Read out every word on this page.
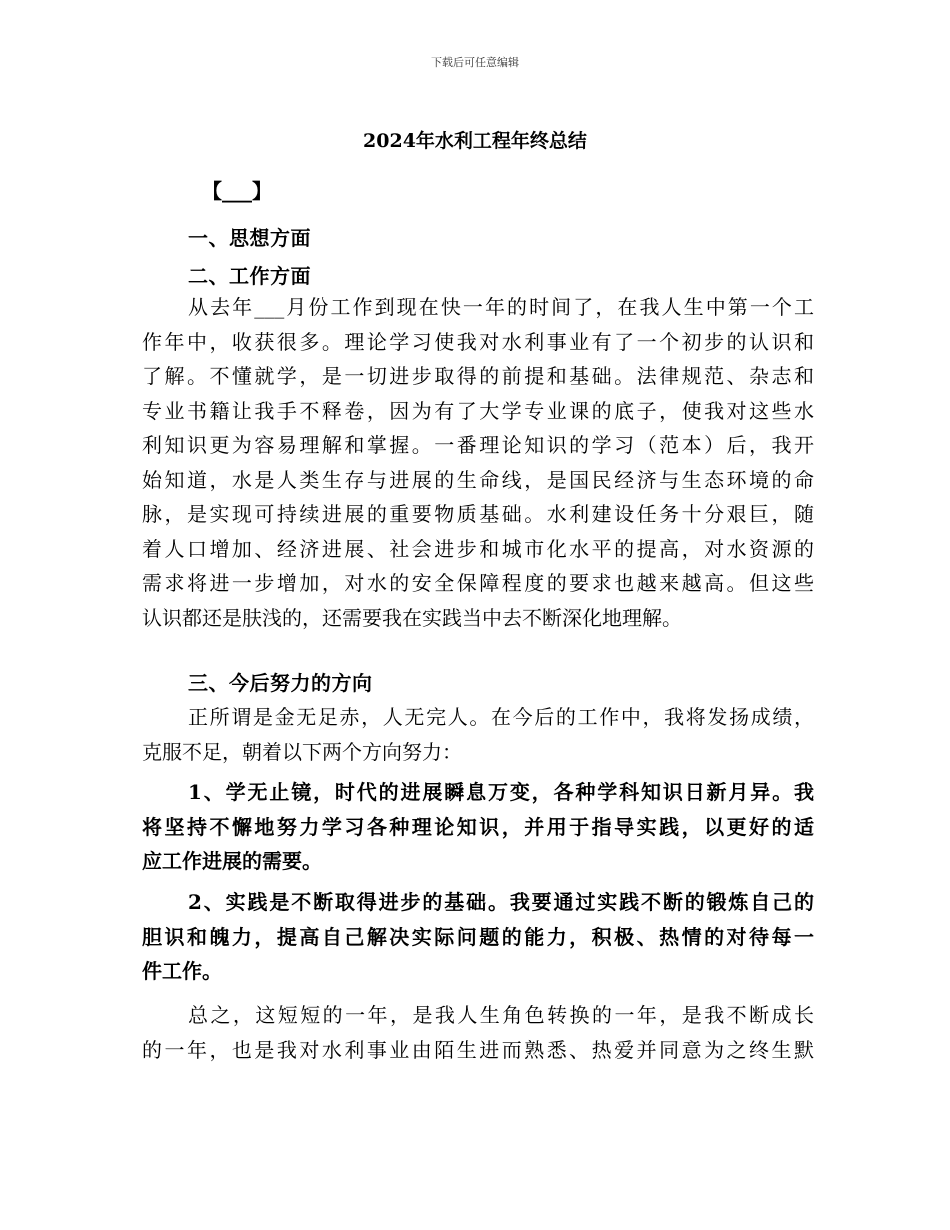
下载后可任意编辑
2024年水利工程年终总结
【___】
一、思想方面
二、工作方面
从去年___月份工作到现在快一年的时间了，在我人生中第一个工
作年中，收获很多。理论学习使我对水利事业有了一个初步的认识和
了解。不懂就学，是一切进步取得的前提和基础。法律规范、杂志和
专业书籍让我手不释卷，因为有了大学专业课的底子，使我对这些水
利知识更为容易理解和掌握。一番理论知识的学习（范本）后，我开
始知道，水是人类生存与进展的生命线，是国民经济与生态环境的命
脉，是实现可持续进展的重要物质基础。水利建设任务十分艰巨，随
着人口增加、经济进展、社会进步和城市化水平的提高，对水资源的
需求将进一步增加，对水的安全保障程度的要求也越来越高。但这些
认识都还是肤浅的，还需要我在实践当中去不断深化地理解。
三、今后努力的方向
正所谓是金无足赤，人无完人。在今后的工作中，我将发扬成绩，
克服不足，朝着以下两个方向努力：
1、学无止镜，时代的进展瞬息万变，各种学科知识日新月异。我
将坚持不懈地努力学习各种理论知识，并用于指导实践，以更好的适
应工作进展的需要。
2、实践是不断取得进步的基础。我要通过实践不断的锻炼自己的
胆识和魄力，提高自己解决实际问题的能力，积极、热情的对待每一
件工作。
总之，这短短的一年，是我人生角色转换的一年，是我不断成长
的一年，也是我对水利事业由陌生进而熟悉、热爱并同意为之终生默
